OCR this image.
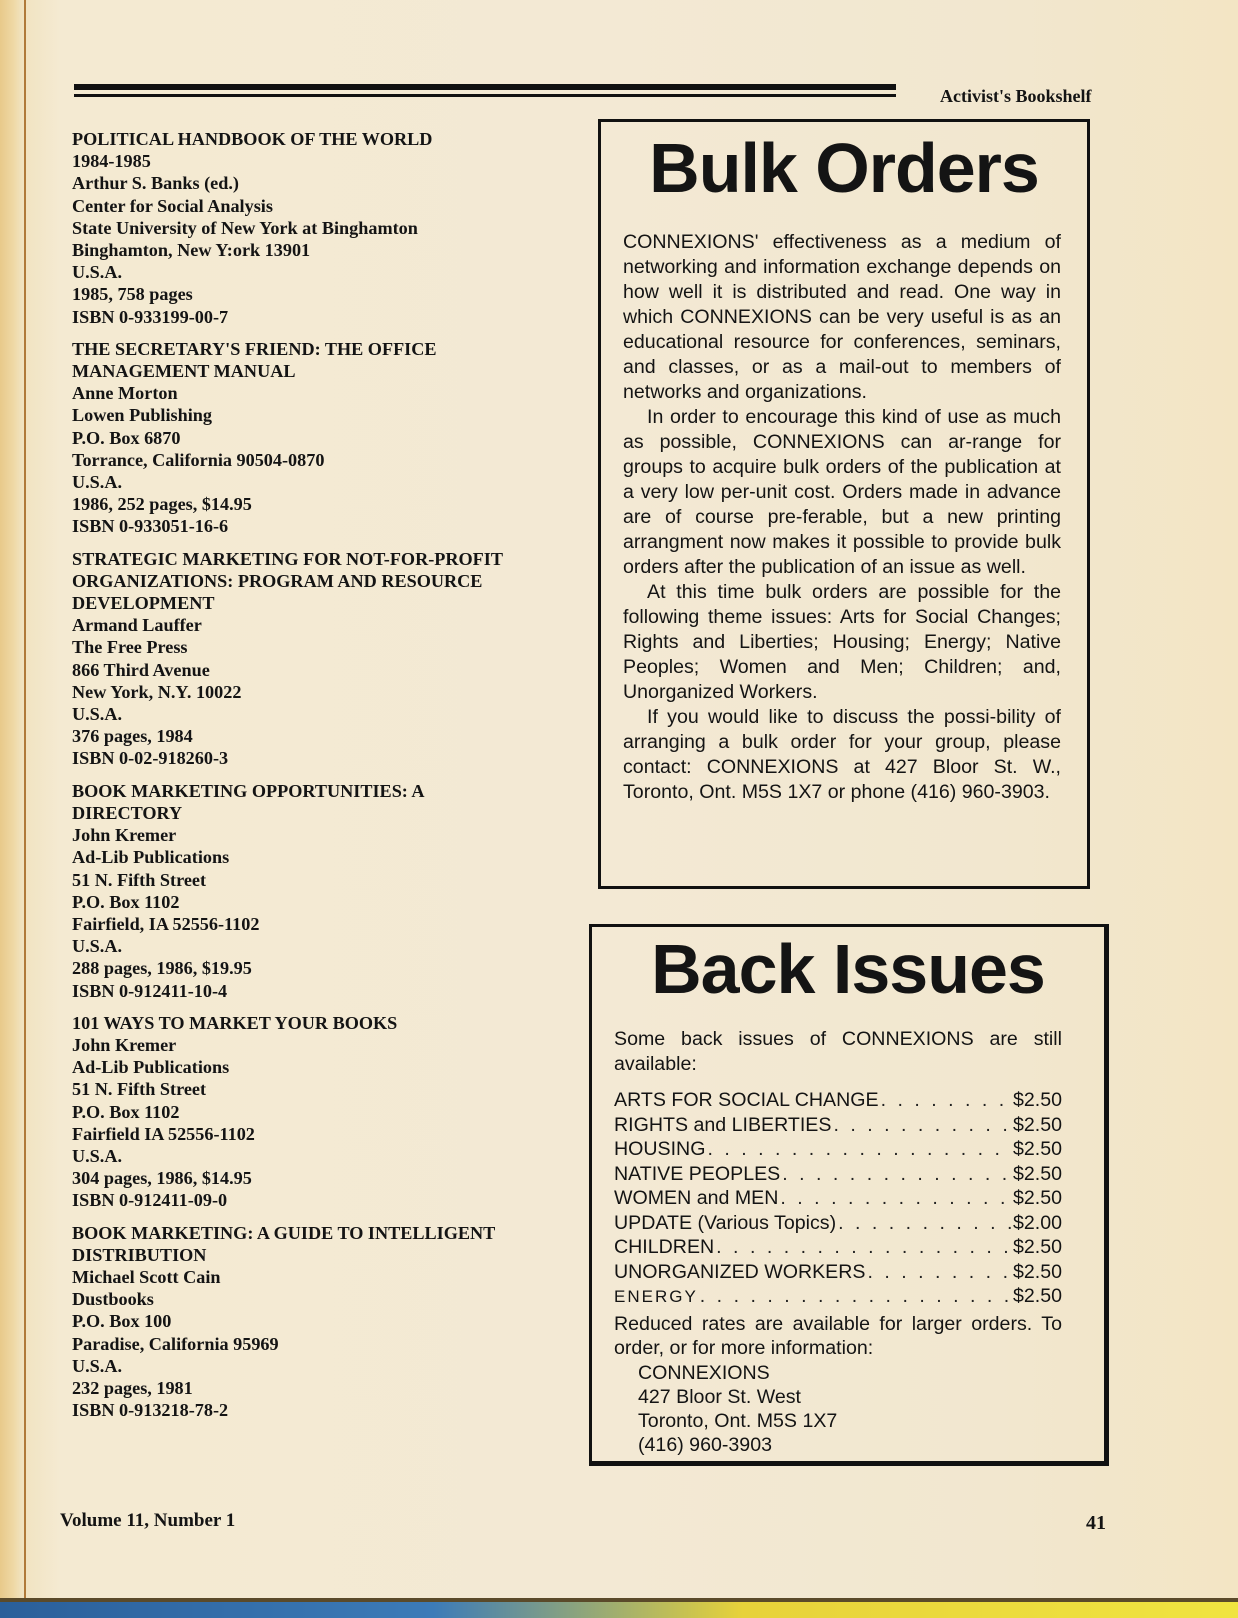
Activist's Bookshelf
POLITICAL HANDBOOK OF THE WORLD
1984-1985
Arthur S. Banks (ed.)
Center for Social Analysis
State University of New York at Binghamton
Binghamton, New Y:ork 13901
U.S.A.
1985, 758 pages
ISBN 0-933199-00-7
THE SECRETARY'S FRIEND: THE OFFICE
MANAGEMENT MANUAL
Anne Morton
Lowen Publishing
P.O. Box 6870
Torrance, California 90504-0870
U.S.A.
1986, 252 pages, $14.95
ISBN 0-933051-16-6
STRATEGIC MARKETING FOR NOT-FOR-PROFIT
ORGANIZATIONS: PROGRAM AND RESOURCE
DEVELOPMENT
Armand Lauffer
The Free Press
866 Third Avenue
New York, N.Y. 10022
U.S.A.
376 pages, 1984
ISBN 0-02-918260-3
BOOK MARKETING OPPORTUNITIES: A
DIRECTORY
John Kremer
Ad-Lib Publications
51 N. Fifth Street
P.O. Box 1102
Fairfield, IA 52556-1102
U.S.A.
288 pages, 1986, $19.95
ISBN 0-912411-10-4
101 WAYS TO MARKET YOUR BOOKS
John Kremer
Ad-Lib Publications
51 N. Fifth Street
P.O. Box 1102
Fairfield IA 52556-1102
U.S.A.
304 pages, 1986, $14.95
ISBN 0-912411-09-0
BOOK MARKETING: A GUIDE TO INTELLIGENT
DISTRIBUTION
Michael Scott Cain
Dustbooks
P.O. Box 100
Paradise, California 95969
U.S.A.
232 pages, 1981
ISBN 0-913218-78-2
Bulk Orders

CONNEXIONS' effectiveness as a medium of networking and information exchange depends on how well it is distributed and read. One way in which CONNEXIONS can be very useful is as an educational resource for conferences, seminars, and classes, or as a mail-out to members of networks and organizations.

In order to encourage this kind of use as much as possible, CONNEXIONS can ar-range for groups to acquire bulk orders of the publication at a very low per-unit cost. Orders made in advance are of course pre-ferable, but a new printing arrangment now makes it possible to provide bulk orders after the publication of an issue as well.

At this time bulk orders are possible for the following theme issues: Arts for Social Changes; Rights and Liberties; Housing; Energy; Native Peoples; Women and Men; Children; and, Unorganized Workers.

If you would like to discuss the possi-bility of arranging a bulk order for your group, please contact: CONNEXIONS at 427 Bloor St. W., Toronto, Ont. M5S 1X7 or phone (416) 960-3903.

Back Issues
Some back issues of CONNEXIONS are still available:
ARTS FOR SOCIAL CHANGE . . .	$2.50
RIGHTS and LIBERTIES . . .	$2.50
HOUSING . . .	$2.50
NATIVE PEOPLES . . .	$2.50
WOMEN and MEN . . .	$2.50
UPDATE (Various Topics) . . .	$2.00
CHILDREN . . .	$2.50
UNORGANIZED WORKERS . . .	$2.50
ENERGY . . .	$2.50
Reduced rates are available for larger orders. To order, or for more information:
CONNEXIONS
427 Bloor St. West
Toronto, Ont. M5S 1X7
(416) 960-3903
Volume 11, Number 1	41
